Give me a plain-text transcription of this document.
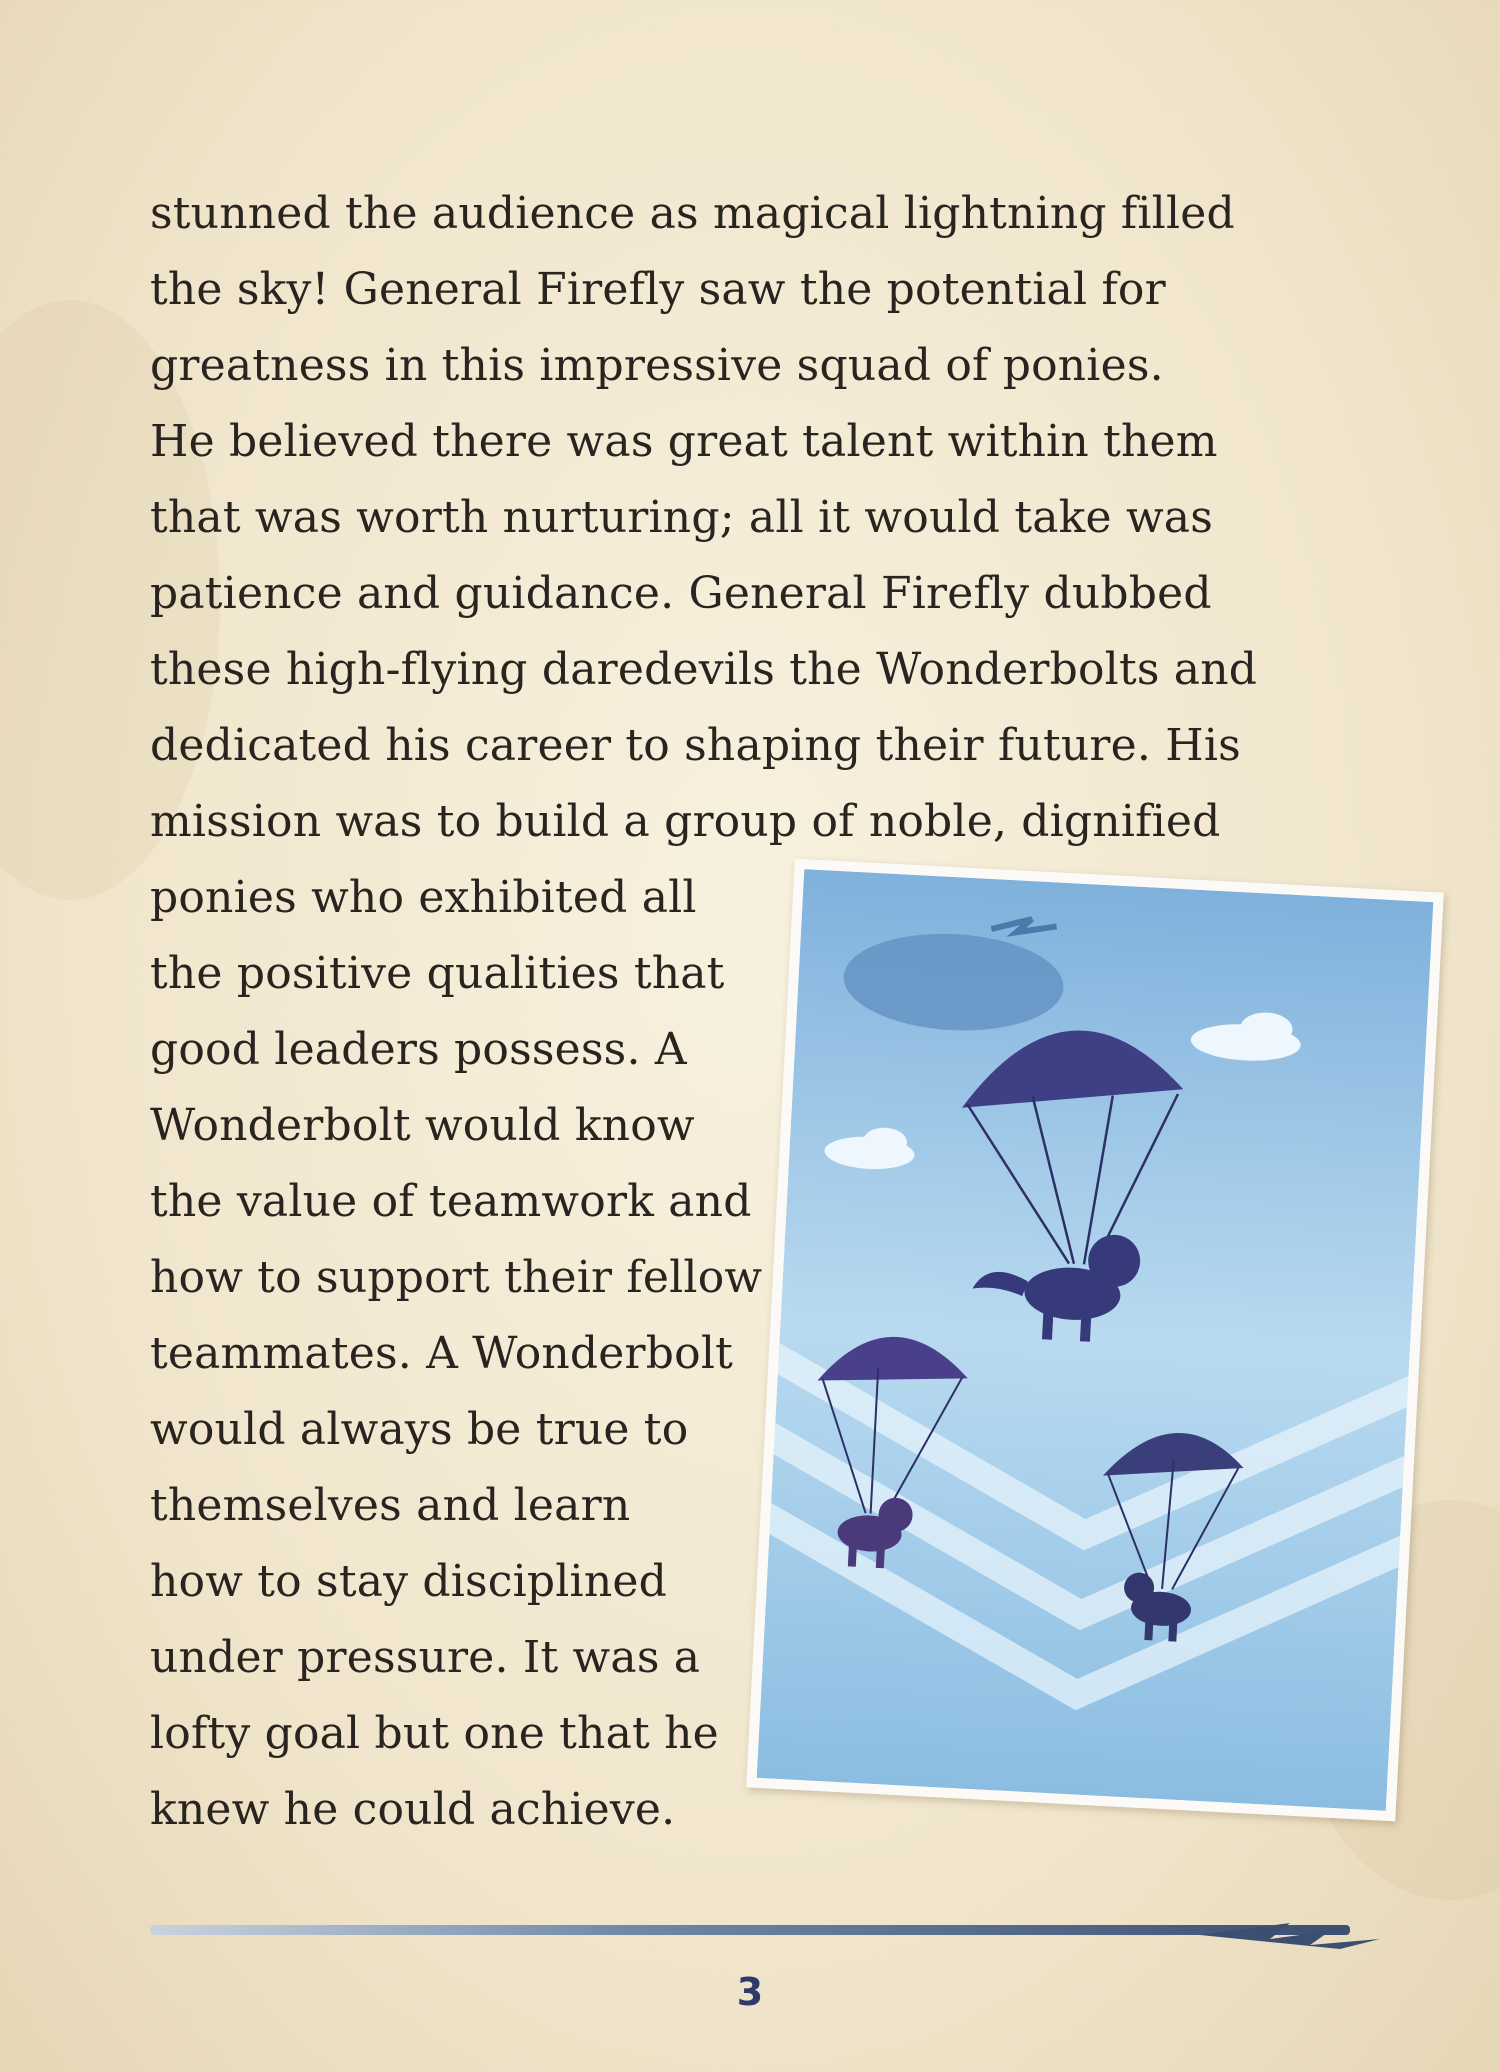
stunned the audience as magical lightning filled
the sky! General Firefly saw the potential for
greatness in this impressive squad of ponies.
He believed there was great talent within them
that was worth nurturing; all it would take was
patience and guidance. General Firefly dubbed
these high-flying daredevils the Wonderbolts and
dedicated his career to shaping their future. His
mission was to build a group of noble, dignified
ponies who exhibited all
the positive qualities that
good leaders possess. A
Wonderbolt would know
the value of teamwork and
how to support their fellow
teammates. A Wonderbolt
would always be true to
themselves and learn
how to stay disciplined
under pressure. It was a
lofty goal but one that he
knew he could achieve.
3
